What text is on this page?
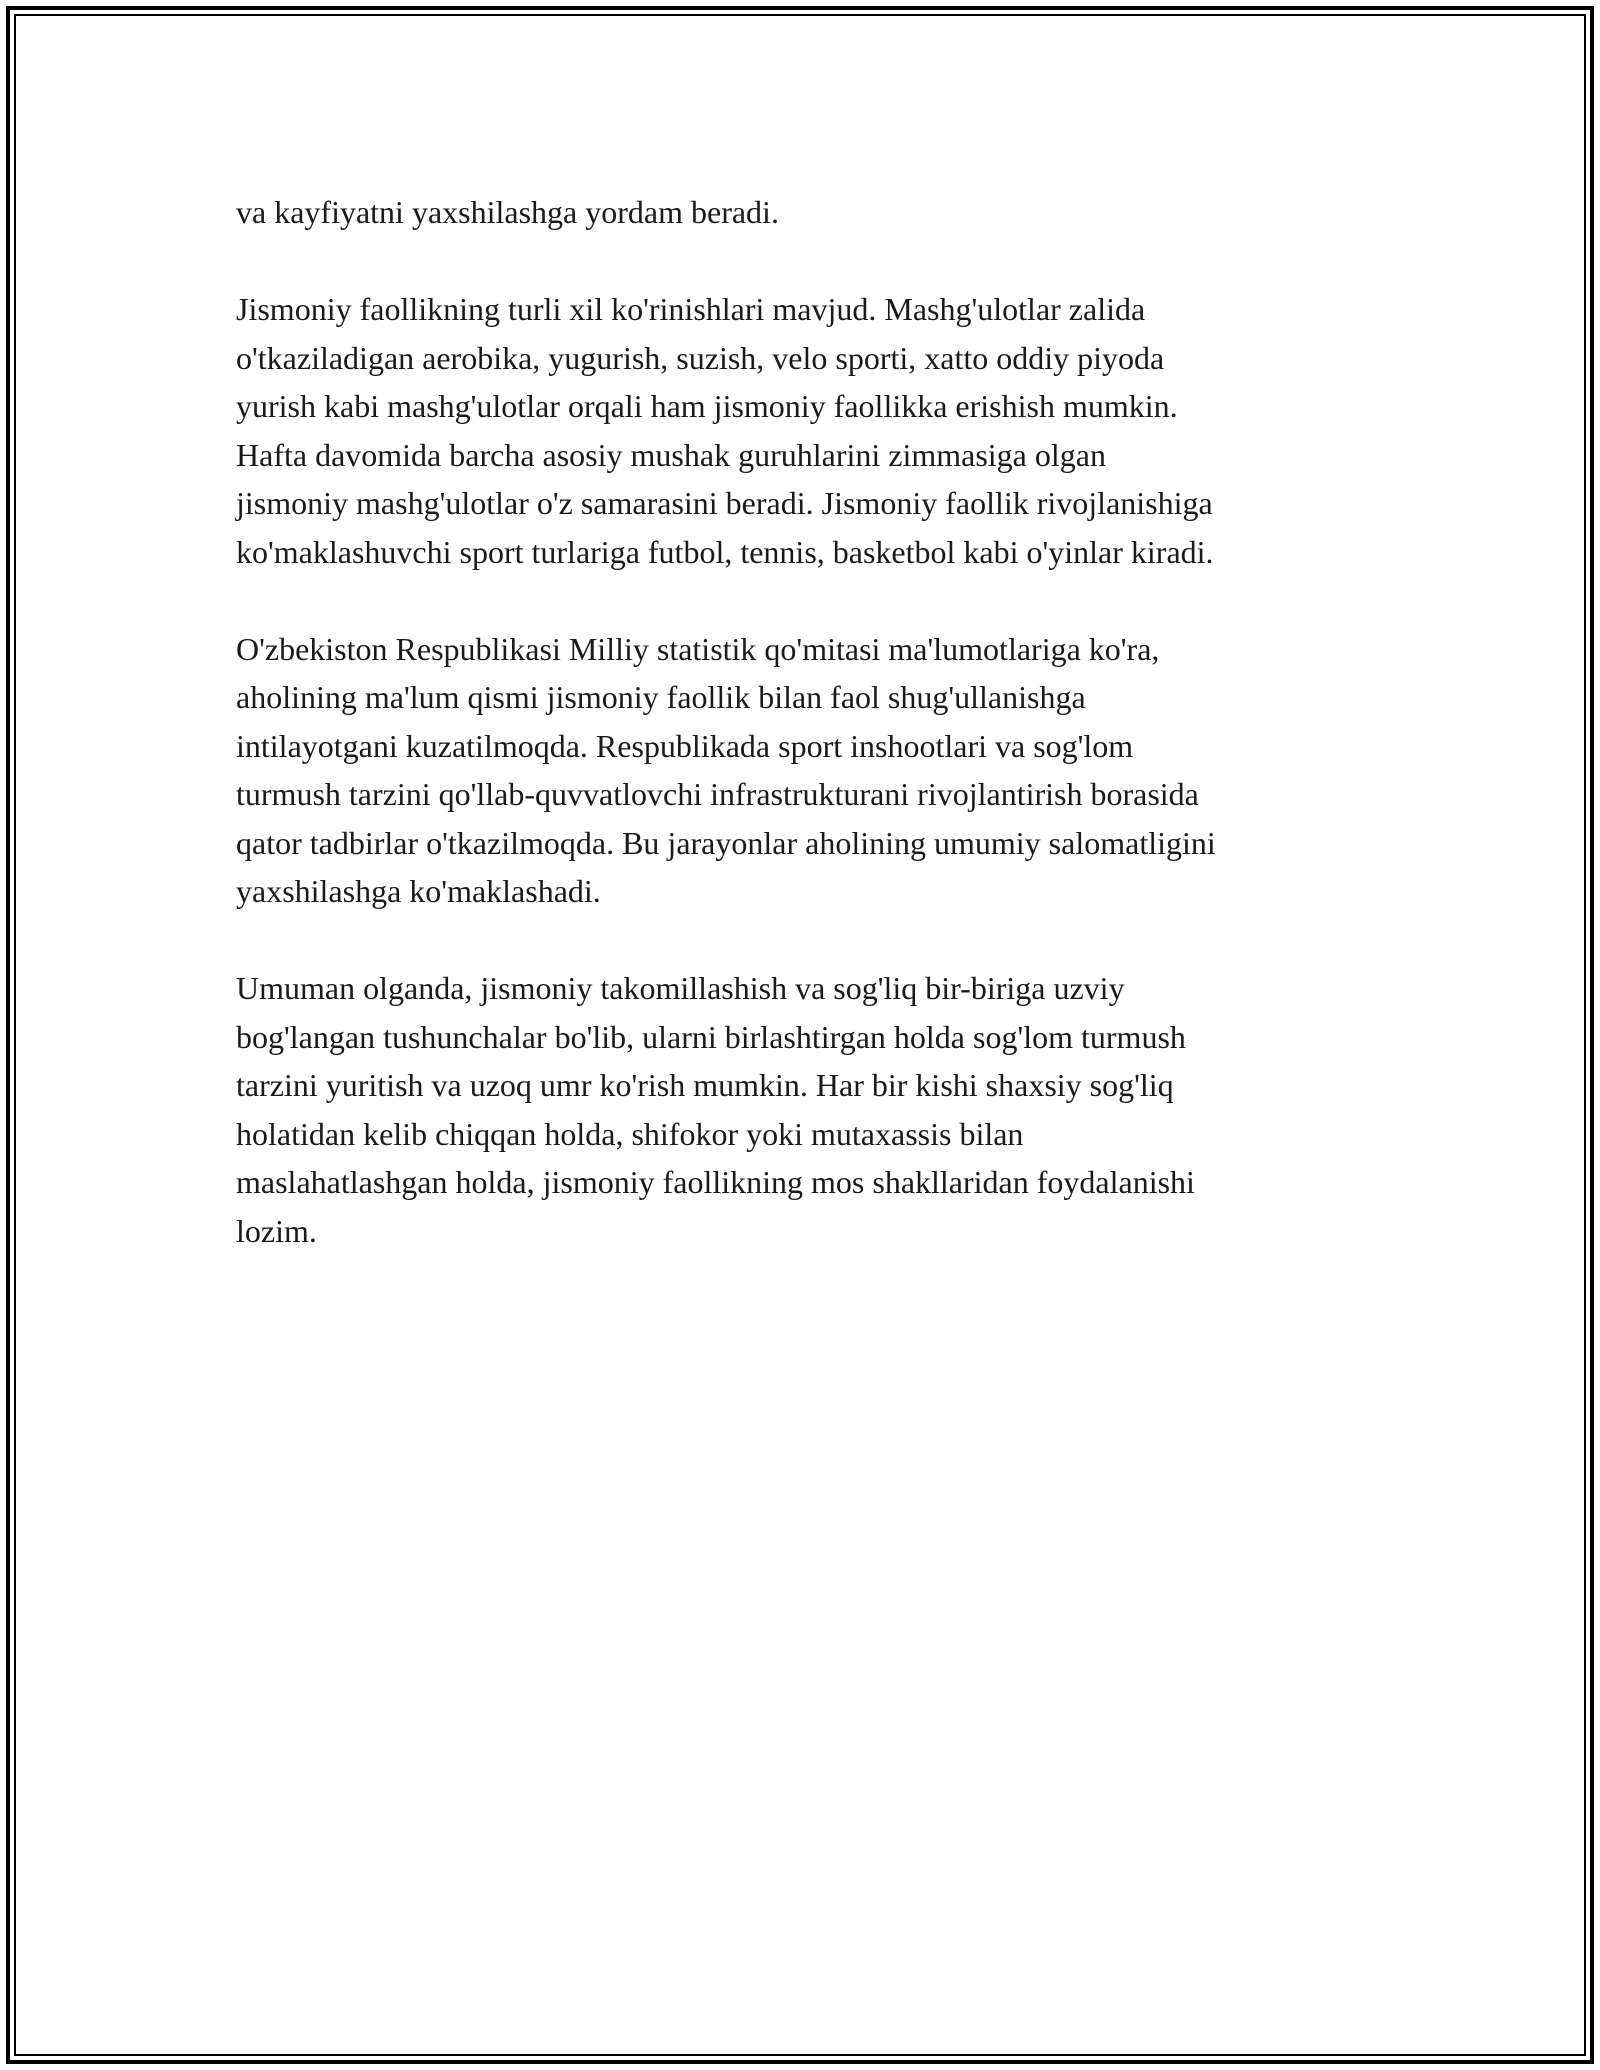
va kayfiyatni yaxshilashga yordam beradi.

Jismoniy faollikning turli xil ko'rinishlari mavjud. Mashg'ulotlar zalida
o'tkaziladigan aerobika, yugurish, suzish, velo sporti, xatto oddiy piyoda
yurish kabi mashg'ulotlar orqali ham jismoniy faollikka erishish mumkin.
Hafta davomida barcha asosiy mushak guruhlarini zimmasiga olgan
jismoniy mashg'ulotlar o'z samarasini beradi. Jismoniy faollik rivojlanishiga
ko'maklashuvchi sport turlariga futbol, tennis, basketbol kabi o'yinlar kiradi.

O'zbekiston Respublikasi Milliy statistik qo'mitasi ma'lumotlariga ko'ra,
aholining ma'lum qismi jismoniy faollik bilan faol shug'ullanishga
intilayotgani kuzatilmoqda. Respublikada sport inshootlari va sog'lom
turmush tarzini qo'llab-quvvatlovchi infrastrukturani rivojlantirish borasida
qator tadbirlar o'tkazilmoqda. Bu jarayonlar aholining umumiy salomatligini
yaxshilashga ko'maklashadi.

Umuman olganda, jismoniy takomillashish va sog'liq bir-biriga uzviy
bog'langan tushunchalar bo'lib, ularni birlashtirgan holda sog'lom turmush
tarzini yuritish va uzoq umr ko'rish mumkin. Har bir kishi shaxsiy sog'liq
holatidan kelib chiqqan holda, shifokor yoki mutaxassis bilan
maslahatlashgan holda, jismoniy faollikning mos shakllaridan foydalanishi
lozim.
